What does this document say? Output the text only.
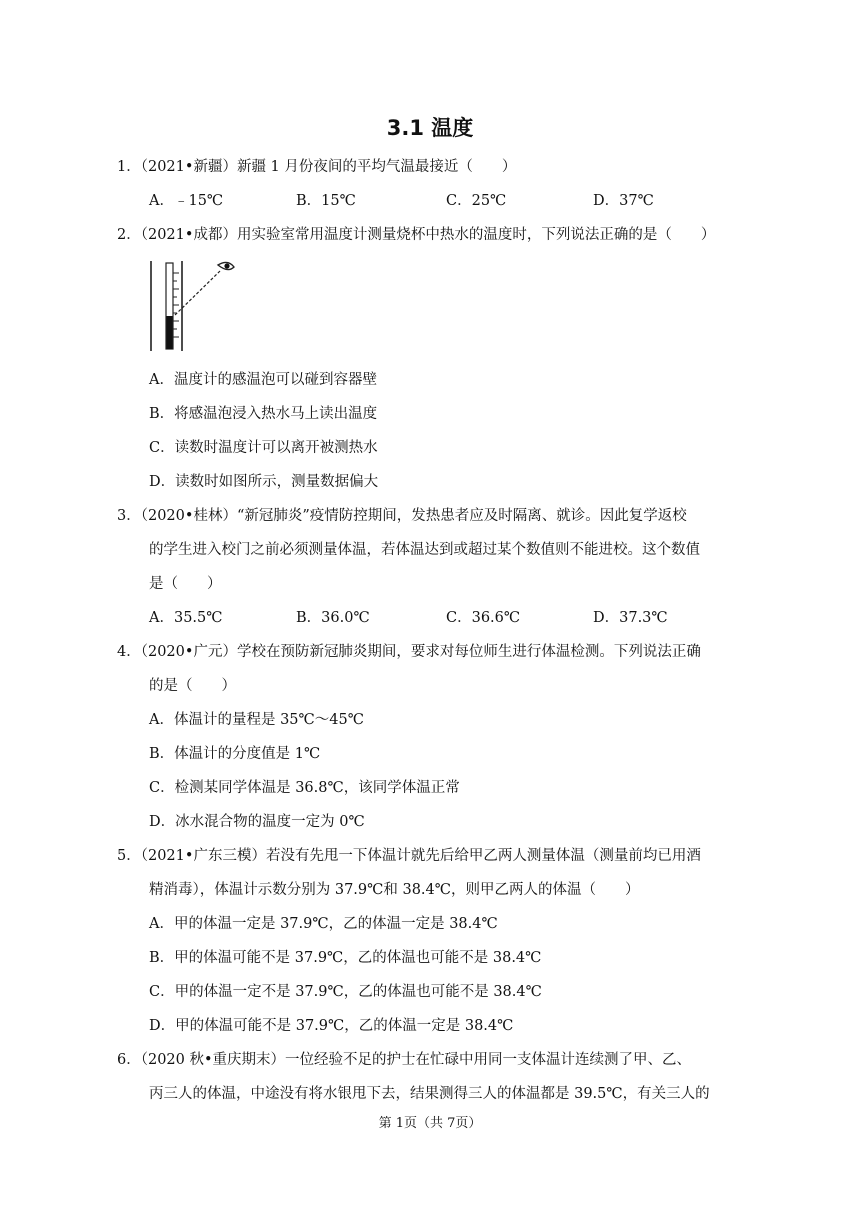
3.1 温度
1．（2021•新疆）新疆 1 月份夜间的平均气温最接近（　　）
A．﹣15℃	B．15℃	C．25℃	D．37℃
2．（2021•成都）用实验室常用温度计测量烧杯中热水的温度时，下列说法正确的是（　　）
A．温度计的感温泡可以碰到容器壁
B．将感温泡浸入热水马上读出温度
C．读数时温度计可以离开被测热水
D．读数时如图所示，测量数据偏大
3．（2020•桂林）“新冠肺炎”疫情防控期间，发热患者应及时隔离、就诊。因此复学返校
的学生进入校门之前必须测量体温，若体温达到或超过某个数值则不能进校。这个数值
是（　　）
A．35.5℃	B．36.0℃	C．36.6℃	D．37.3℃
4．（2020•广元）学校在预防新冠肺炎期间，要求对每位师生进行体温检测。下列说法正确
的是（　　）
A．体温计的量程是 35℃～45℃
B．体温计的分度值是 1℃
C．检测某同学体温是 36.8℃，该同学体温正常
D．冰水混合物的温度一定为 0℃
5．（2021•广东三模）若没有先甩一下体温计就先后给甲乙两人测量体温（测量前均已用酒
精消毒），体温计示数分别为 37.9℃和 38.4℃，则甲乙两人的体温（　　）
A．甲的体温一定是 37.9℃，乙的体温一定是 38.4℃
B．甲的体温可能不是 37.9℃，乙的体温也可能不是 38.4℃
C．甲的体温一定不是 37.9℃，乙的体温也可能不是 38.4℃
D．甲的体温可能不是 37.9℃，乙的体温一定是 38.4℃
6．（2020 秋•重庆期末）一位经验不足的护士在忙碌中用同一支体温计连续测了甲、乙、
丙三人的体温，中途没有将水银甩下去，结果测得三人的体温都是 39.5℃，有关三人的
第 1页（共 7页）
